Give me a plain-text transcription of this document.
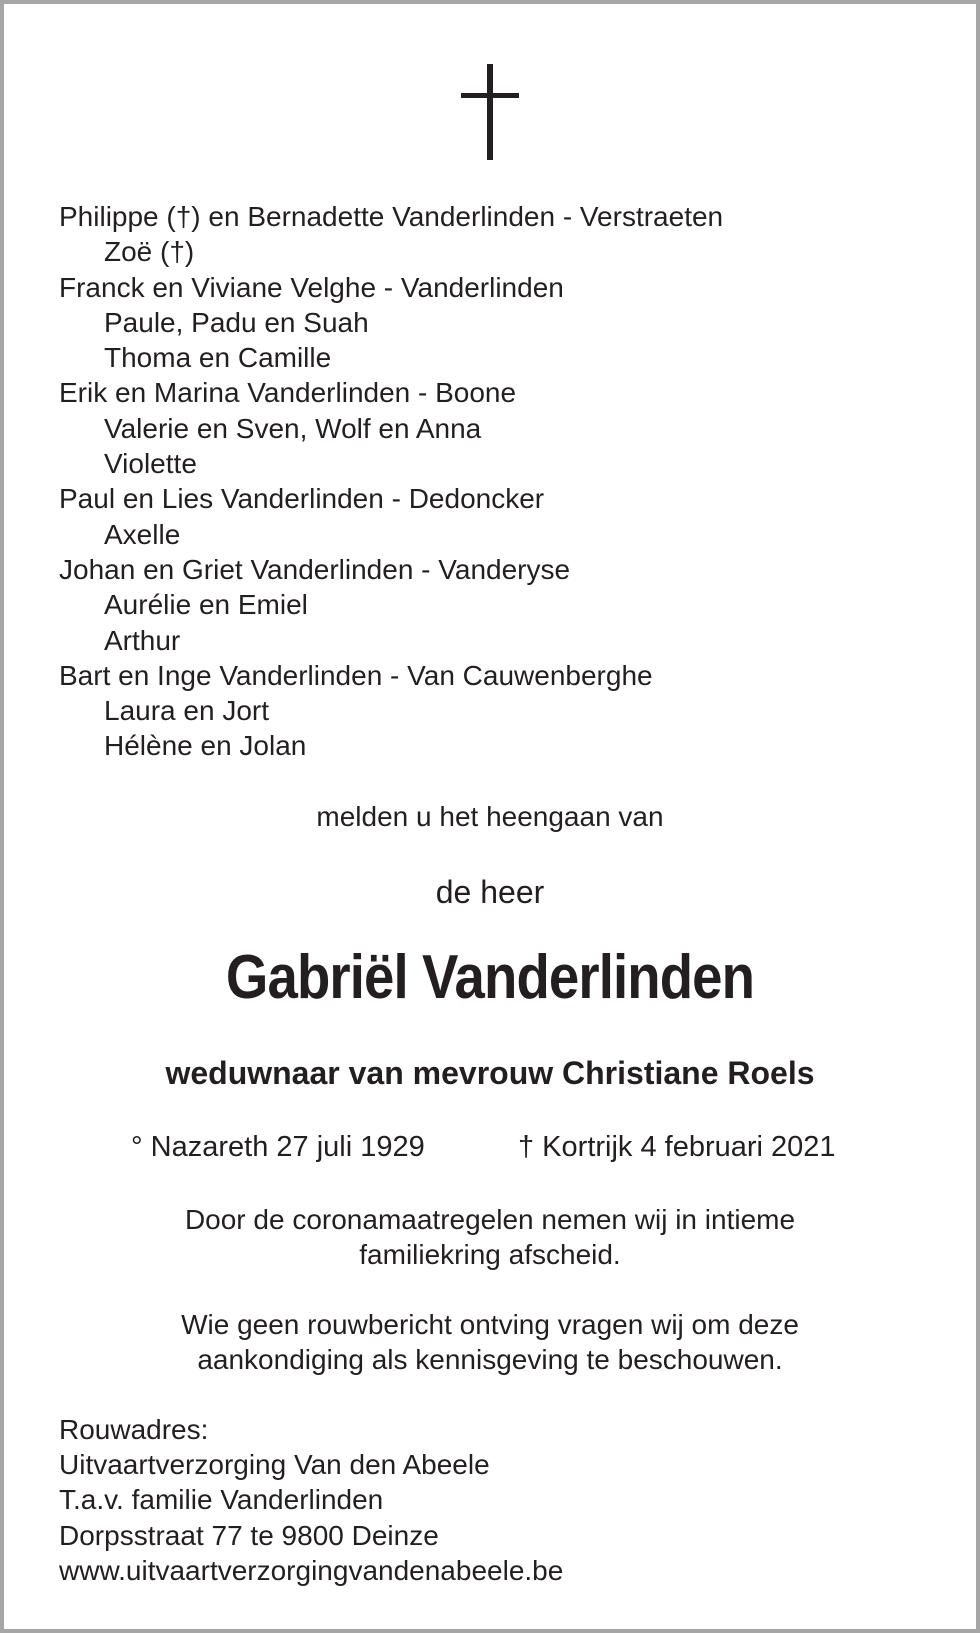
Philippe (†) en Bernadette Vanderlinden - Verstraeten
Zoë (†)
Franck en Viviane Velghe - Vanderlinden
Paule, Padu en Suah
Thoma en Camille
Erik en Marina Vanderlinden - Boone
Valerie en Sven, Wolf en Anna
Violette
Paul en Lies Vanderlinden - Dedoncker
Axelle
Johan en Griet Vanderlinden - Vanderyse
Aurélie en Emiel
Arthur
Bart en Inge Vanderlinden - Van Cauwenberghe
Laura en Jort
Hélène en Jolan
melden u het heengaan van
de heer
Gabriël Vanderlinden
weduwnaar van mevrouw Christiane Roels
° Nazareth 27 juli 1929	† Kortrijk 4 februari 2021
Door de coronamaatregelen nemen wij in intieme
familiekring afscheid.
Wie geen rouwbericht ontving vragen wij om deze
aankondiging als kennisgeving te beschouwen.
Rouwadres:
Uitvaartverzorging Van den Abeele
T.a.v. familie Vanderlinden
Dorpsstraat 77 te 9800 Deinze
www.uitvaartverzorgingvandenabeele.be
